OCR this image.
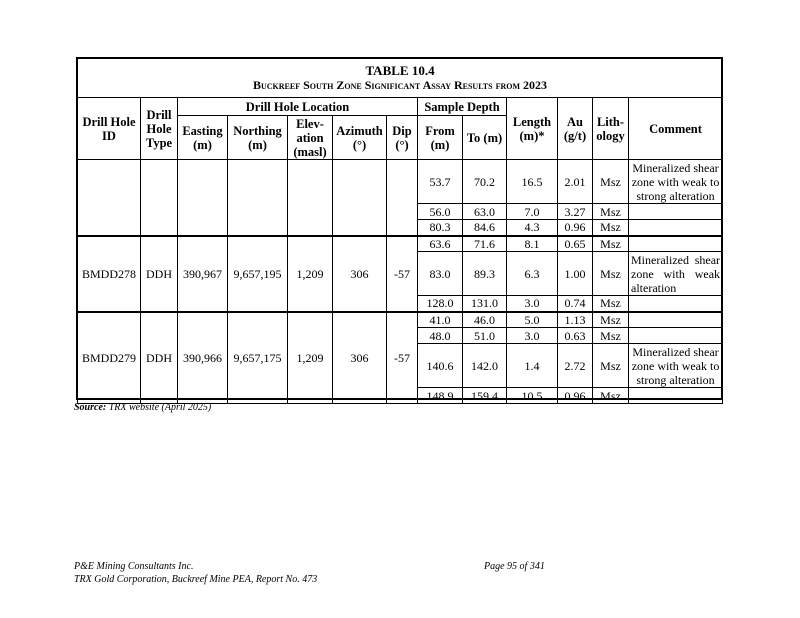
TABLE 10.4
Buckreef South Zone Significant Assay Results from 2023												

Drill Hole ID	Drill Hole Type	Drill Hole Location					Sample Depth		Length (m)*	Au (g/t)	Lith- ology	Comment
		Easting (m)	Northing (m)	Elev- ation (masl)	Azimuth (°)	Dip (°)	From (m)	To (m)				
							53.7	70.2	16.5	2.01	Msz	Mineralized shear zone with weak to strong alteration
							56.0	63.0	7.0	3.27	Msz	
							80.3	84.6	4.3	0.96	Msz	
BMDD278	DDH	390,967	9,657,195	1,209	306	-57	63.6	71.6	8.1	0.65	Msz	
							83.0	89.3	6.3	1.00	Msz	Mineralized shear zone with weak alteration
							128.0	131.0	3.0	0.74	Msz	
BMDD279	DDH	390,966	9,657,175	1,209	306	-57	41.0	46.0	5.0	1.13	Msz	
							48.0	51.0	3.0	0.63	Msz	
							140.6	142.0	1.4	2.72	Msz	Mineralized shear zone with weak to strong alteration
							148.9	159.4	10.5	0.96	Msz	
Source: TRX website (April 2025)
P&E Mining Consultants Inc.
TRX Gold Corporation, Buckreef Mine PEA, Report No. 473
Page 95 of 341
